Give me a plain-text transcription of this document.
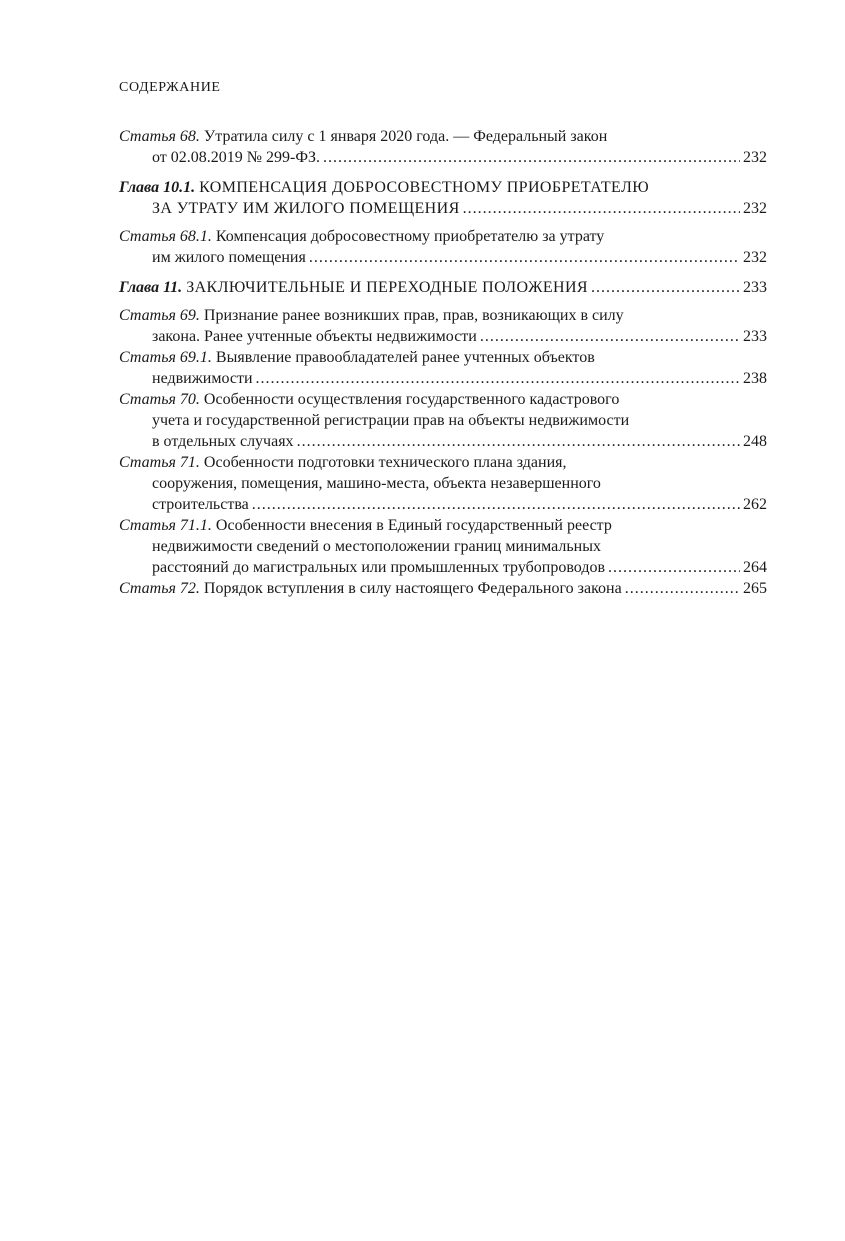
СОДЕРЖАНИЕ
Статья 68. Утратила силу с 1 января 2020 года. — Федеральный закон
от 02.08.2019 № 299-ФЗ. .....	232
Глава 10.1. КОМПЕНСАЦИЯ ДОБРОСОВЕСТНОМУ ПРИОБРЕТАТЕЛЮ
ЗА УТРАТУ ИМ ЖИЛОГО ПОМЕЩЕНИЯ .....	232
Статья 68.1. Компенсация добросовестному приобретателю за утрату
им жилого помещения .....	232
Глава 11. ЗАКЛЮЧИТЕЛЬНЫЕ И ПЕРЕХОДНЫЕ ПОЛОЖЕНИЯ .....	233
Статья 69. Признание ранее возникших прав, прав, возникающих в силу
закона. Ранее учтенные объекты недвижимости .....	233
Статья 69.1. Выявление правообладателей ранее учтенных объектов
недвижимости .....	238
Статья 70. Особенности осуществления государственного кадастрового
учета и государственной регистрации прав на объекты недвижимости
в отдельных случаях .....	248
Статья 71. Особенности подготовки технического плана здания,
сооружения, помещения, машино-места, объекта незавершенного
строительства .....	262
Статья 71.1. Особенности внесения в Единый государственный реестр
недвижимости сведений о местоположении границ минимальных
расстояний до магистральных или промышленных трубопроводов .....	264
Статья 72. Порядок вступления в силу настоящего Федерального закона .....	265
